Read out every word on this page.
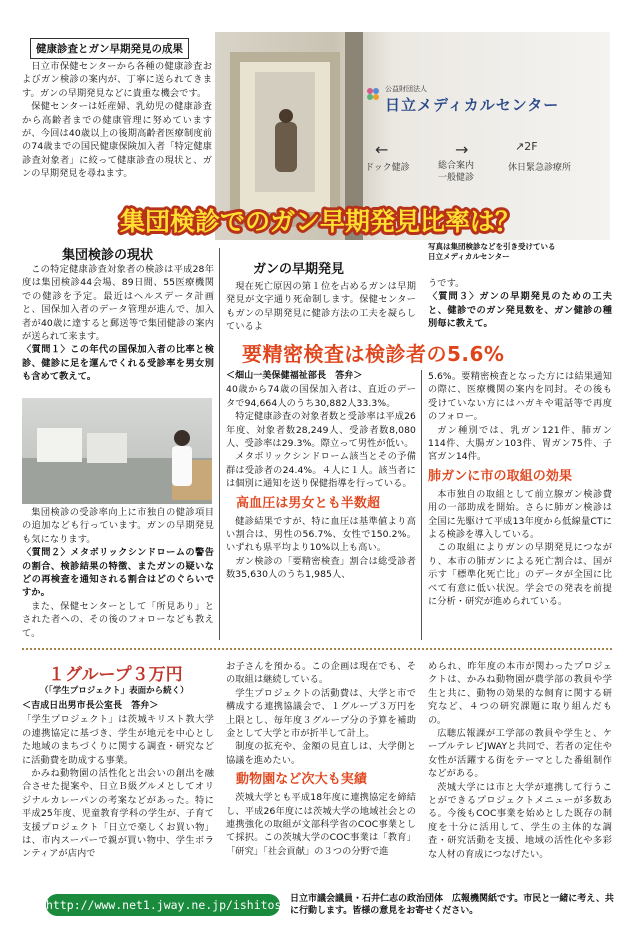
健康診査とガン早期発見の成果

日立市保健センターから各種の健康診査およびガン検診の案内が、丁寧に送られてきます。ガンの早期発見などに貴重な機会です。

保健センターは妊産婦、乳幼児の健康診査から高齢者までの健康管理に努めていますが、今回は40歳以上の後期高齢者医療制度前の74歳までの国民健康保険加入者「特定健康診査対象者」に絞って健康診査の現状と、ガンの早期発見を尋ねます。

公益財団法人
日立メディカルセンター
←	→	↗2F
ドック健診	総合案内
一般健診
休日緊急診療所
集団検診でのガン早期発見比率は？
集団検診の現状

この特定健康診査対象者の検診は平成28年度は集団検診44会場、89日間、55医療機関での健診を予定。最近はヘルスデータ計画と、国保加入者のデータ管理が進んで、加入者が40歳に達すると郵送等で集団健診の案内が送られて来ます。

〈質問１〉この年代の国保加入者の比率と検診、健診に足を運んでくれる受診率を男女別も含めて教えて。

集団検診の受診率向上に市独自の健診項目の追加なども行っています。ガンの早期発見も気になります。

〈質問２〉メタボリックシンドロームの警告の割合、検診結果の特徴、またガンの疑いなどの再検査を通知される割合はどのぐらいですか。

また、保健センターとして「所見あり」とされた者への、その後のフォローなども教えて。

ガンの早期発見

現在死亡原因の第１位を占めるガンは早期発見が文字通り死命制します。保健センターもガンの早期発見に健診方法の工夫を凝らしているよ

写真は集団検診などを引き受けている
日立メディカルセンター

うです。

〈質問３〉ガンの早期発見のための工夫と、健診でのガン発見数を、ガン健診の種別毎に教えて。

要精密検査は検診者の5.6%

＜畑山一美保健福祉部長　答弁＞

40歳から74歳の国保加入者は、直近のデータで94,664人のうち30,882人33.3%。

特定健康診査の対象者数と受診率は平成26年度、対象者数28,249人、受診者数8,080人、受診率は29.3%。際立って男性が低い。

メタボリックシンドローム該当とその予備群は受診者の24.4%。４人に１人。該当者には個別に通知を送り保健指導を行っている。

高血圧は男女とも半数超

健診結果ですが、特に血圧は基準値より高い割合は、男性の56.7%、女性で150.2%。いずれも県平均より10%以上も高い。

ガン検診の「要精密検査」割合は総受診者数35,630人のうち1,985人、

5.6%。要精密検査となった方には結果通知の際に、医療機関の案内を同封。その後も受けていない方にはハガキや電話等で再度のフォロー。

ガン種別では、乳ガン121件、肺ガン114件、大腸ガン103件、胃ガン75件、子宮ガン14件。

肺ガンに市の取組の効果

本市独自の取組として前立腺ガン検診費用の一部助成を開始。さらに肺ガン検診は全国に先駆けて平成13年度から低線量CTによる検診を導入している。

この取組によりガンの早期発見につながり、本市の肺ガンによる死亡割合は、国が示す「標準化死亡比」のデータが全国に比べて有意に低い状況。学会での発表を前提に分析・研究が進められている。

１グループ３万円
（「学生プロジェクト」表面から続く）

＜吉成日出男市長公室長　答弁＞

「学生プロジェクト」は茨城キリスト教大学の連携協定に基づき、学生が地元を中心とした地域のまちづくりに関する調査・研究などに活動費を助成する事業。

かみね動物園の活性化と出会いの創出を融合させた提案や、日立Ｂ級グルメとしてオリジナルカレーパンの考案などがあった。特に平成25年度、児童教育学科の学生が、子育て支援プロジェクト「日立で楽しくお買い物」は、市内スーパーで親が買い物中、学生ボランティアが店内で

お子さんを預かる。この企画は現在でも、その取組は継続している。

学生プロジェクトの活動費は、大学と市で構成する連携協議会で、１グループ３万円を上限とし、毎年度３グループ分の予算を補助金として大学と市が折半して計上。

制度の拡充や、金額の見直しは、大学側と協議を進めたい。

動物園など次大も実績

茨城大学とも平成18年度に連携協定を締結し、平成26年度には茨城大学の地域社会との連携強化の取組が文部科学省のCOC事業として採択。この茨城大学のCOC事業は「教育」「研究」「社会貢献」の３つの分野で進

められ、昨年度の本市が関わったプロジェクトは、かみね動物園が農学部の教員や学生と共に、動物の効果的な飼育に関する研究など、４つの研究課題に取り組んだもの。

広聴広報課が工学部の教員や学生と、ケーブルテレビJWAYと共同で、若者の定住や女性が活躍する街をテーマとした番組制作などがある。

茨城大学には市と大学が連携して行うことができるプロジェクトメニューが多数ある。今後もCOC事業を始めとした既存の制度を十分に活用して、学生の主体的な調査・研究活動を支援、地域の活性化や多彩な人材の育成につなげたい。

http://www.net1.jway.ne.jp/ishitosi/
日立市議会議員・石井仁志の政治団体　広報機関紙です。市民と一緒に考え、共に行動します。皆様の意見をお寄せください。
